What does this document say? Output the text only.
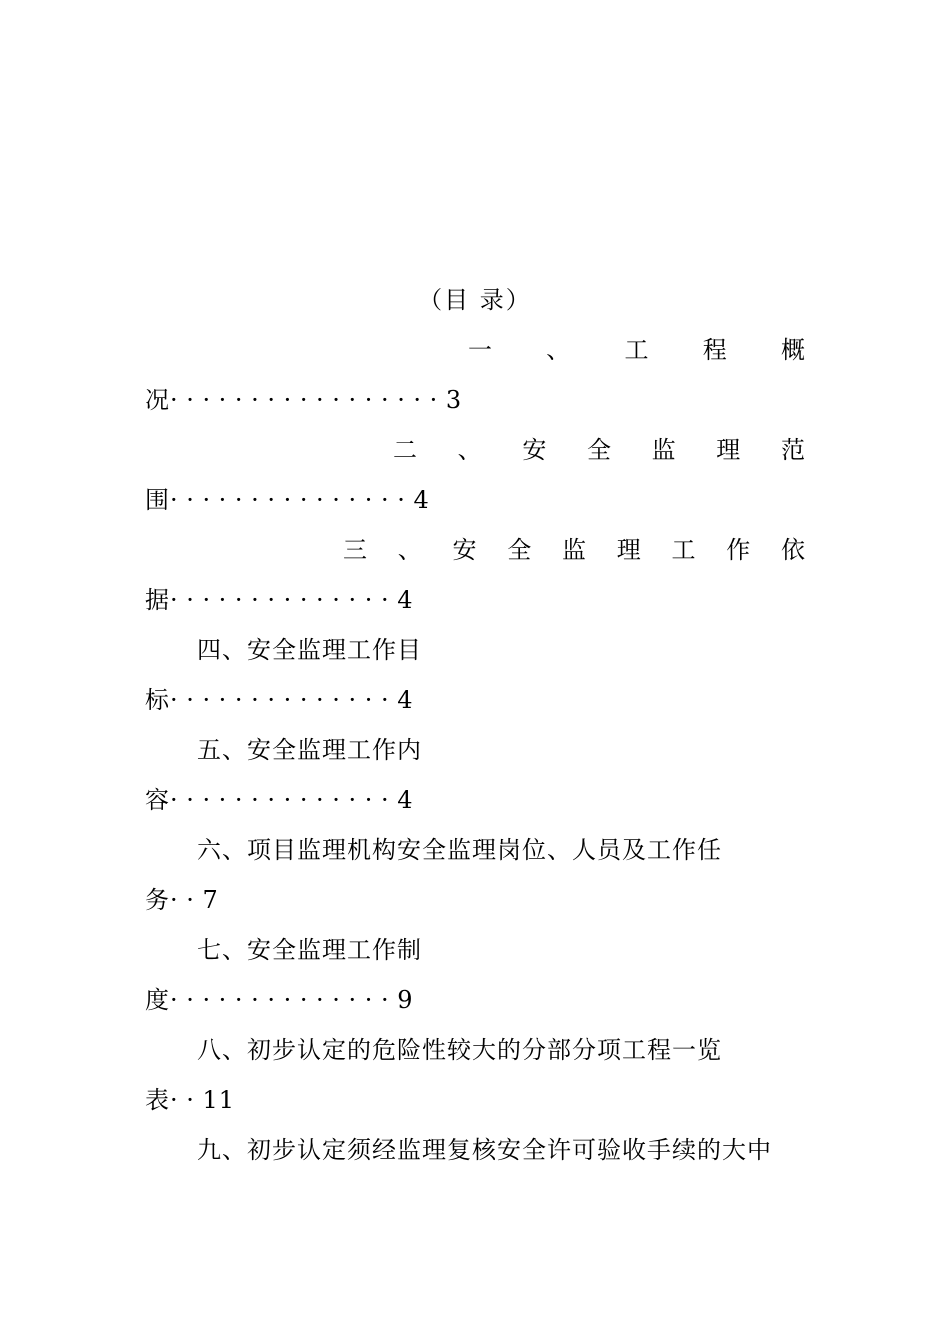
（目 录）
一 、 工 程 概
况·················3
二 、 安 全 监 理 范
围···············4
三 、 安 全 监 理 工 作 依
据··············4
四、安全监理工作目
标··············4
五、安全监理工作内
容··············4
六、项目监理机构安全监理岗位、人员及工作任
务··7
七、安全监理工作制
度··············9
八、初步认定的危险性较大的分部分项工程一览
表··11
九、初步认定须经监理复核安全许可验收手续的大中
